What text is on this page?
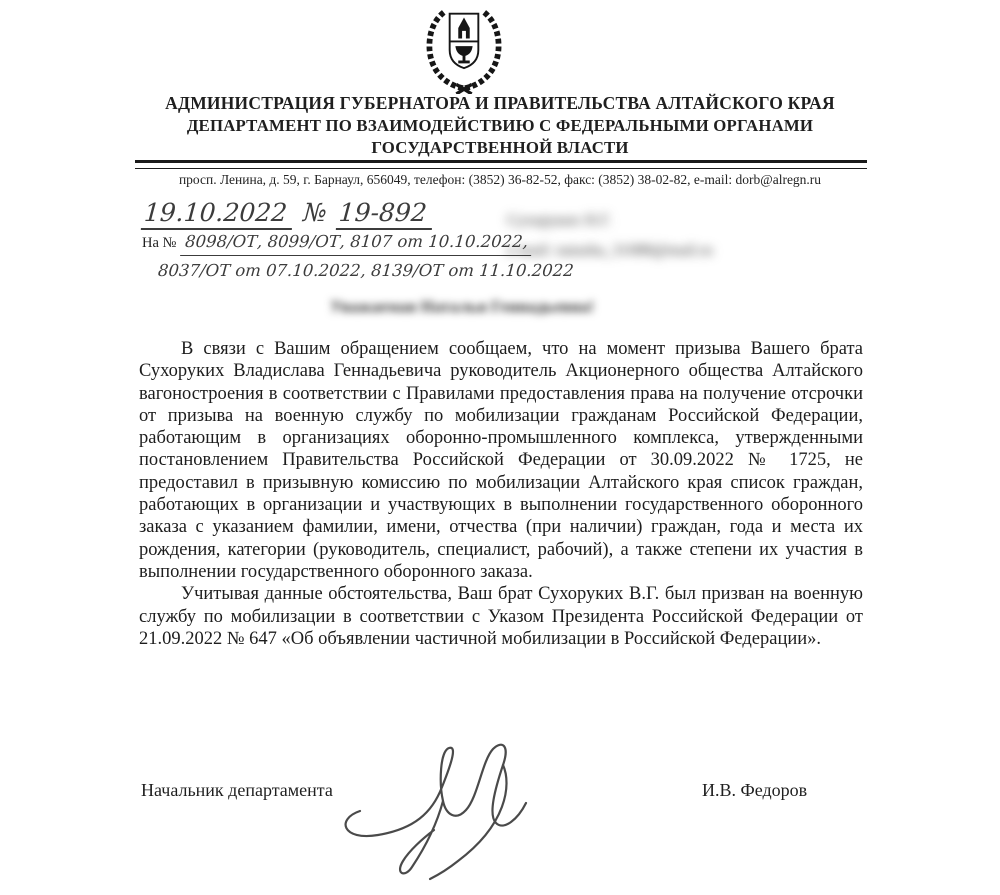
АДМИНИСТРАЦИЯ ГУБЕРНАТОРА И ПРАВИТЕЛЬСТВА АЛТАЙСКОГО КРАЯ
ДЕПАРТАМЕНТ ПО ВЗАИМОДЕЙСТВИЮ С ФЕДЕРАЛЬНЫМИ ОРГАНАМИ
ГОСУДАРСТВЕННОЙ ВЛАСТИ
просп. Ленина, д. 59, г. Барнаул, 656049, телефон: (3852) 36-82-52, факс: (3852) 38-02-82, e-mail: dorb@alregn.ru
19.10.2022 № 19-892
На № 8098/ОТ, 8099/ОТ, 8107 от 10.10.2022,
8037/ОТ от 07.10.2022, 8139/ОТ от 11.10.2022
Сухоруких Н.Г.
e-mail: natasha_31088@mail.ru
Уважаемая Наталья Геннадьевна!

В связи с Вашим обращением сообщаем, что на момент призыва Вашего брата Сухоруких Владислава Геннадьевича руководитель Акционерного общества Алтайского вагоностроения в соответствии с Правилами предоставления права на получение отсрочки от призыва на военную службу по мобилизации гражданам Российской Федерации, работающим в организациях оборонно-промышленного комплекса, утвержденными постановлением Правительства Российской Федерации от 30.09.2022 № 1725, не предоставил в призывную комиссию по мобилизации Алтайского края список граждан, работающих в организации и участвующих в выполнении государственного оборонного заказа с указанием фамилии, имени, отчества (при наличии) граждан, года и места их рождения, категории (руководитель, специалист, рабочий), а также степени их участия в выполнении государственного оборонного заказа.

Учитывая данные обстоятельства, Ваш брат Сухоруких В.Г. был призван на военную службу по мобилизации в соответствии с Указом Президента Российской Федерации от 21.09.2022 № 647 «Об объявлении частичной мобилизации в Российской Федерации».

Начальник департамента	И.В. Федоров
